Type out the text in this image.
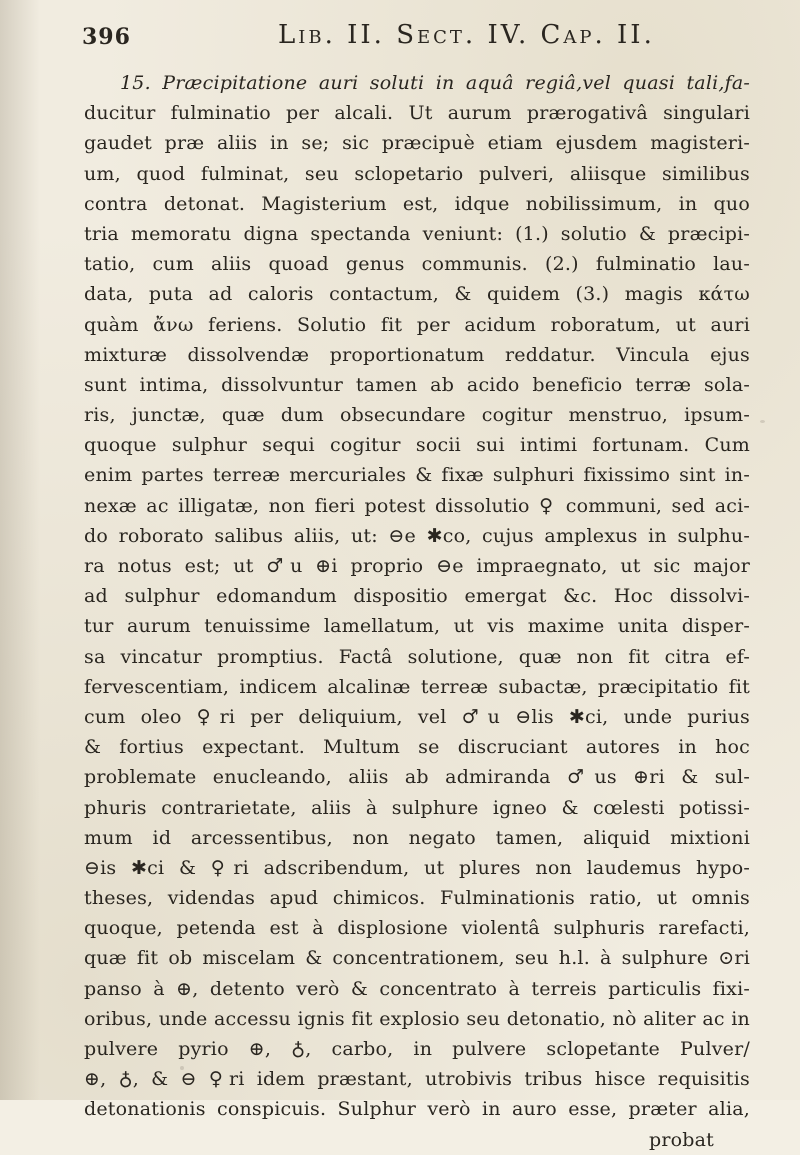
396	Lib. II. Sect. IV. Cap. II.
15. Præcipitatione auri soluti in aquâ regiâ,vel quasi tali,fa-
ducitur fulminatio per alcali. Ut aurum prærogativâ singulari
gaudet præ aliis in se; sic præcipuè etiam ejusdem magisteri-
um, quod fulminat, seu sclopetario pulveri, aliisque similibus
contra detonat. Magisterium est, idque nobilissimum, in quo
tria memoratu digna spectanda veniunt: (1.) solutio & præcipi-
tatio, cum aliis quoad genus communis. (2.) fulminatio lau-
data, puta ad caloris contactum, & quidem (3.) magis κάτω
quàm ἄνω feriens. Solutio fit per acidum roboratum, ut auri
mixturæ dissolvendæ proportionatum reddatur. Vincula ejus
sunt intima, dissolvuntur tamen ab acido beneficio terræ sola-
ris, junctæ, quæ dum obsecundare cogitur menstruo, ipsum-
quoque sulphur sequi cogitur socii sui intimi fortunam. Cum
enim partes terreæ mercuriales & fixæ sulphuri fixissimo sint in-
nexæ ac illigatæ, non fieri potest dissolutio ♀ communi, sed aci-
do roborato salibus aliis, ut: ⊖e ✱co, cujus amplexus in sulphu-
ra notus est; ut ♂u ⊕i proprio ⊖e impraegnato, ut sic major
ad sulphur edomandum dispositio emergat &c. Hoc dissolvi-
tur aurum tenuissime lamellatum, ut vis maxime unita disper-
sa vincatur promptius. Factâ solutione, quæ non fit citra ef-
fervescentiam, indicem alcalinæ terreæ subactæ, præcipitatio fit
cum oleo ♀ri per deliquium, vel ♂u ⊖lis ✱ci, unde purius
& fortius expectant. Multum se discruciant autores in hoc
problemate enucleando, aliis ab admiranda ♂us ⊕ri & sul-
phuris contrarietate, aliis à sulphure igneo & cœlesti potissi-
mum id arcessentibus, non negato tamen, aliquid mixtioni
⊖is ✱ci & ♀ri adscribendum, ut plures non laudemus hypo-
theses, videndas apud chimicos. Fulminationis ratio, ut omnis
quoque, petenda est à displosione violentâ sulphuris rarefacti,
quæ fit ob miscelam & concentrationem, seu h.l. à sulphure ⊙ri
panso à ⊕, detento verò & concentrato à terreis particulis fixi-
oribus, unde accessu ignis fit explosio seu detonatio, nò aliter ac in
pulvere pyrio ⊕, ♁, carbo, in pulvere sclopetante Pulver/
⊕, ♁, & ⊖ ♀ri idem præstant, utrobivis tribus hisce requisitis
detonationis conspicuis. Sulphur verò in auro esse, præter alia,
probat
